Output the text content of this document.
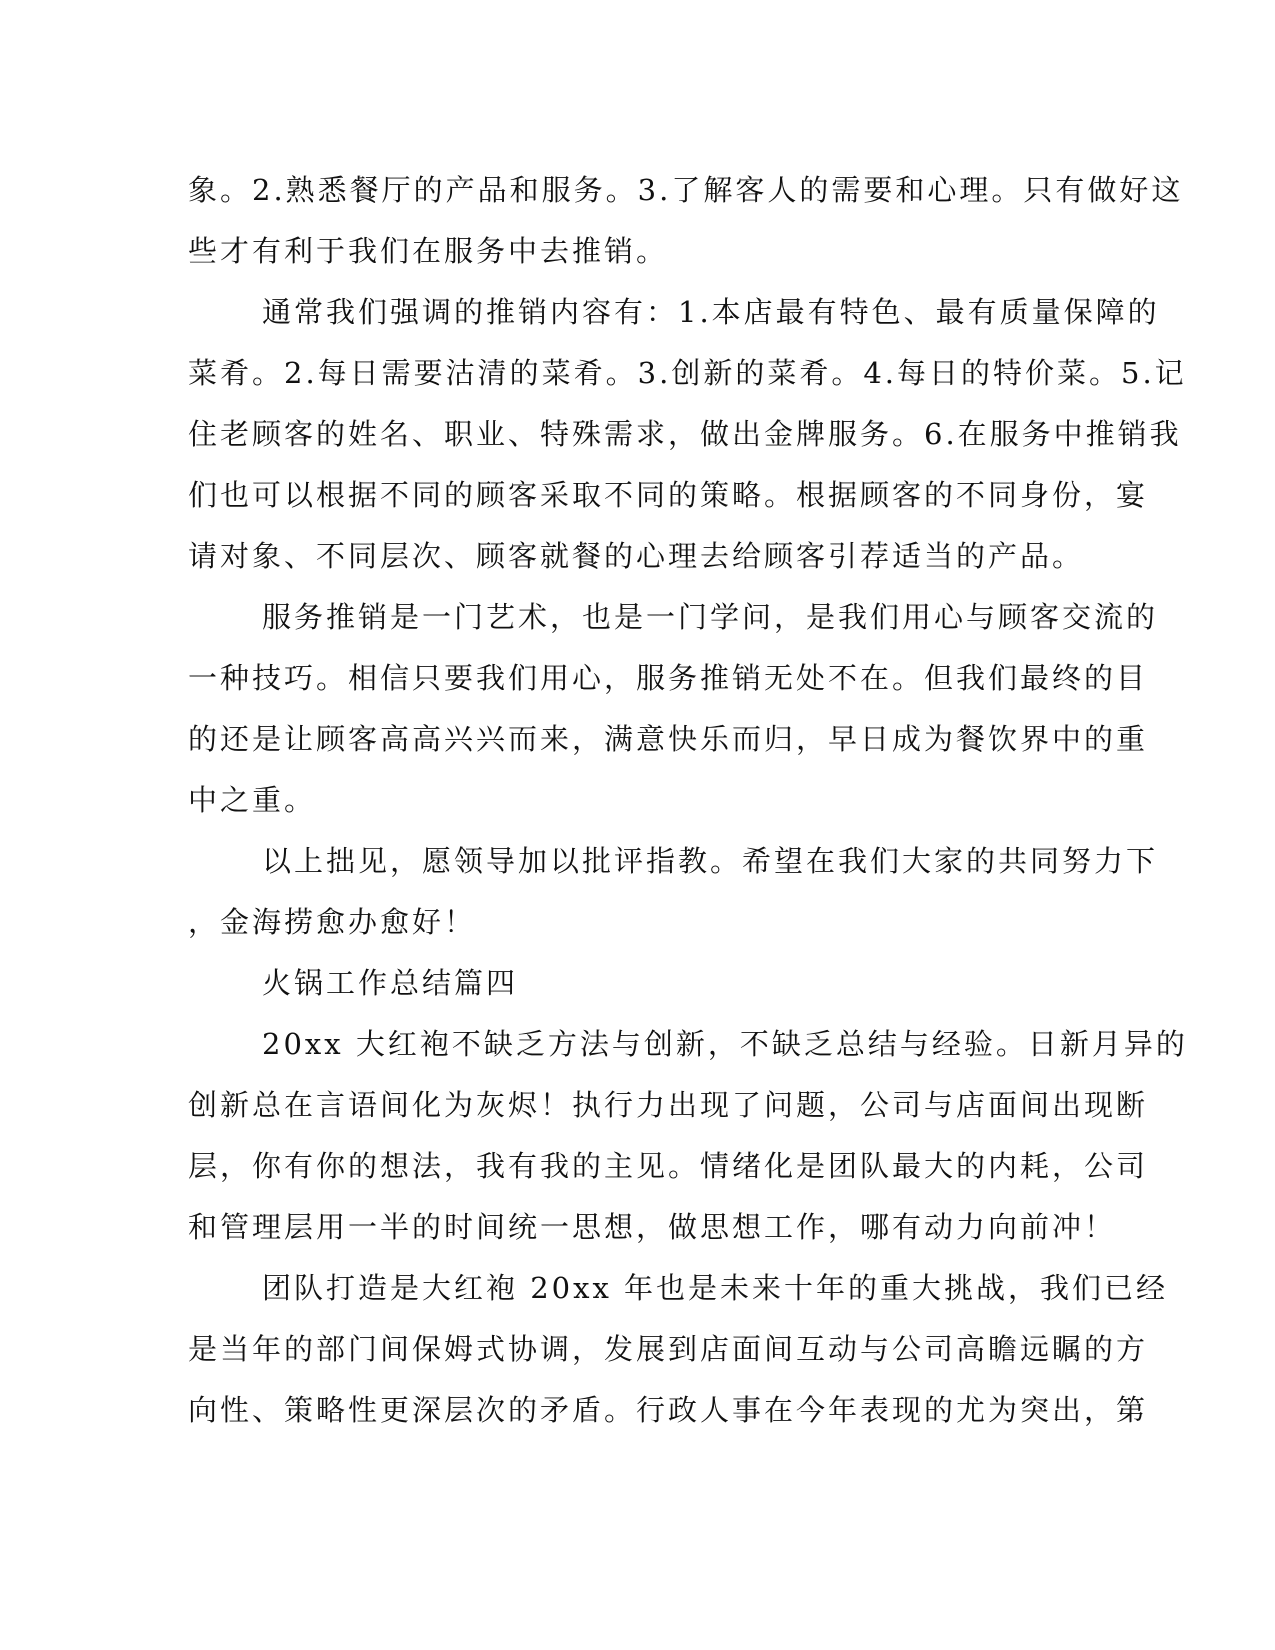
象。2.熟悉餐厅的产品和服务。3.了解客人的需要和心理。只有做好这
些才有利于我们在服务中去推销。
通常我们强调的推销内容有：1.本店最有特色、最有质量保障的
菜肴。2.每日需要沽清的菜肴。3.创新的菜肴。4.每日的特价菜。5.记
住老顾客的姓名、职业、特殊需求，做出金牌服务。6.在服务中推销我
们也可以根据不同的顾客采取不同的策略。根据顾客的不同身份，宴
请对象、不同层次、顾客就餐的心理去给顾客引荐适当的产品。
服务推销是一门艺术，也是一门学问，是我们用心与顾客交流的
一种技巧。相信只要我们用心，服务推销无处不在。但我们最终的目
的还是让顾客高高兴兴而来，满意快乐而归，早日成为餐饮界中的重
中之重。
以上拙见，愿领导加以批评指教。希望在我们大家的共同努力下
，金海捞愈办愈好！
火锅工作总结篇四
20xx 大红袍不缺乏方法与创新，不缺乏总结与经验。日新月异的
创新总在言语间化为灰烬！执行力出现了问题，公司与店面间出现断
层，你有你的想法，我有我的主见。情绪化是团队最大的内耗，公司
和管理层用一半的时间统一思想，做思想工作，哪有动力向前冲！
团队打造是大红袍 20xx 年也是未来十年的重大挑战，我们已经
是当年的部门间保姆式协调，发展到店面间互动与公司高瞻远瞩的方
向性、策略性更深层次的矛盾。行政人事在今年表现的尤为突出，第
